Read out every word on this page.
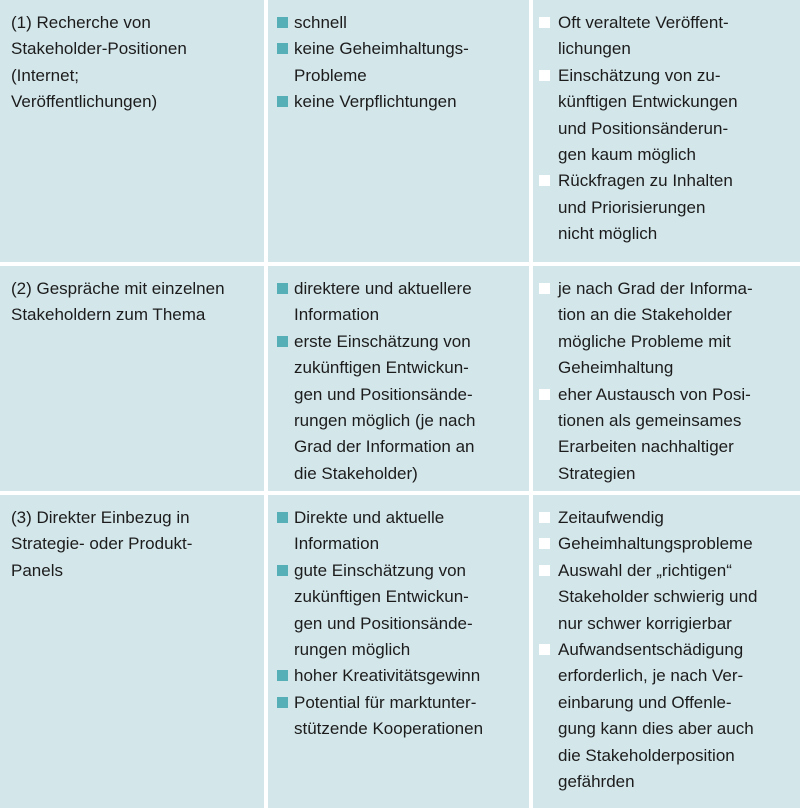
(1) Recherche von
Stakeholder-Positionen
(Internet;
Veröffentlichungen)
schnell
keine Geheimhaltungs-
Probleme
keine Verpflichtungen
Oft veraltete Veröffent-
lichungen
Einschätzung von zu-
künftigen Entwickungen
und Positionsänderun-
gen kaum möglich
Rückfragen zu Inhalten
und Priorisierungen
nicht möglich
(2) Gespräche mit einzelnen
Stakeholdern zum Thema
direktere und aktuellere
Information
erste Einschätzung von
zukünftigen Entwickun-
gen und Positionsände-
rungen möglich (je nach
Grad der Information an
die Stakeholder)
je nach Grad der Informa-
tion an die Stakeholder
mögliche Probleme mit
Geheimhaltung
eher Austausch von Posi-
tionen als gemeinsames
Erarbeiten nachhaltiger
Strategien
(3) Direkter Einbezug in
Strategie- oder Produkt-
Panels
Direkte und aktuelle
Information
gute Einschätzung von
zukünftigen Entwickun-
gen und Positionsände-
rungen möglich
hoher Kreativitätsgewinn
Potential für marktunter-
stützende Kooperationen
Zeitaufwendig
Geheimhaltungsprobleme
Auswahl der „richtigen“
Stakeholder schwierig und
nur schwer korrigierbar
Aufwandsentschädigung
erforderlich, je nach Ver-
einbarung und Offenle-
gung kann dies aber auch
die Stakeholderposition
gefährden
